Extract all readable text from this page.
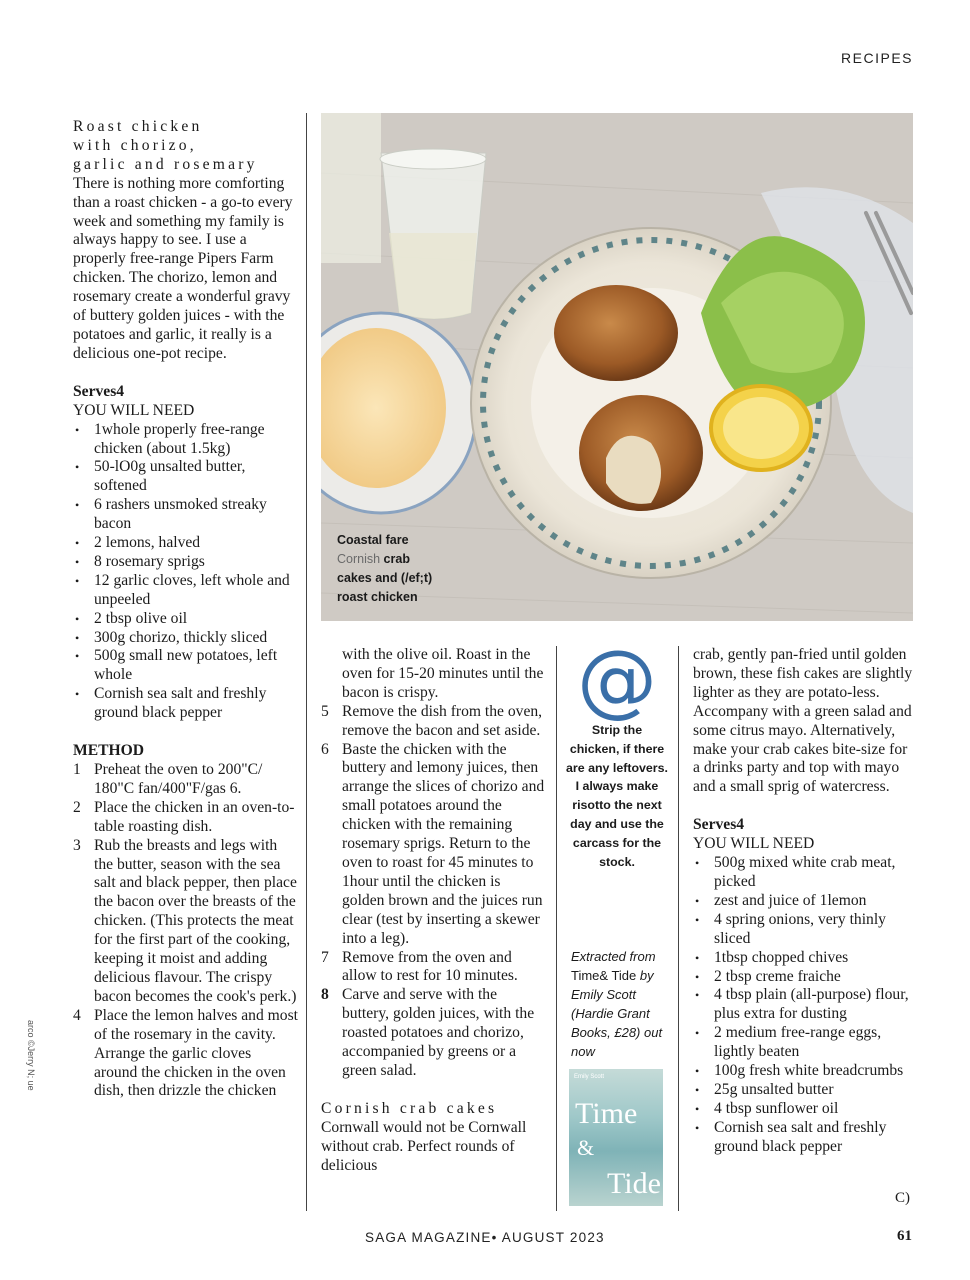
RECIPES

Roast chicken

with chorizo,

garlic and rosemary

There is nothing more comforting than a roast chicken - a go-to every week and something my family is always happy to see. I use a properly free-range Pipers Farm chicken. The chorizo, lemon and rosemary create a wonderful gravy of buttery golden juices - with the potatoes and garlic, it really is a delicious one-pot recipe.

Serves4

YOU WILL NEED

• 1whole properly free-range chicken (about 1.5kg)
• 50-lO0g unsalted butter, softened
• 6 rashers unsmoked streaky bacon
• 2 lemons, halved
• 8 rosemary sprigs
• 12 garlic cloves, left whole and unpeeled
• 2 tbsp olive oil
• 300g chorizo, thickly sliced
• 500g small new potatoes, left whole
• Cornish sea salt and freshly ground black pepper

METHOD

1 Preheat the oven to 200"C/ 180"C fan/400"F/gas 6.
2 Place the chicken in an oven-to-table roasting dish.
3 Rub the breasts and legs with the butter, season with the sea salt and black pepper, then place the bacon over the breasts of the chicken. (This protects the meat for the first part of the cooking, keeping it moist and adding delicious flavour. The crispy bacon becomes the cook's perk.)
4 Place the lemon halves and most of the rosemary in the cavity. Arrange the garlic cloves around the chicken in the oven dish, then drizzle the chicken
Coastal fare
Cornish crab
cakes and (/ef;t)
roast chicken

with the olive oil. Roast in the oven for 15-20 minutes until the bacon is crispy.

5 Remove the dish from the oven, remove the bacon and set aside.
6 Baste the chicken with the buttery and lemony juices, then arrange the slices of chorizo and small potatoes around the chicken with the remaining rosemary sprigs. Return to the oven to roast for 45 minutes to 1hour until the chicken is golden brown and the juices run clear (test by inserting a skewer into a leg).
7 Remove from the oven and allow to rest for 10 minutes.
8 Carve and serve with the buttery, golden juices, with the roasted potatoes and chorizo, accompanied by greens or a green salad.

Cornish crab cakes

Cornwall would not be Cornwall without crab. Perfect rounds of delicious

@
Strip the chicken, if there are any leftovers. I always make risotto the next day and use the carcass for the stock.
Extracted from Time& Tide by Emily Scott (Hardie Grant Books, £28) out now
Emily Scott
Time
&
Tide

crab, gently pan-fried until golden brown, these fish cakes are slightly lighter as they are potato-less. Accompany with a green salad and some citrus mayo. Alternatively, make your crab cakes bite-size for a drinks party and top with mayo and a small sprig of watercress.

Serves4

YOU WILL NEED

• 500g mixed white crab meat, picked
• zest and juice of 1lemon
• 4 spring onions, very thinly sliced
• 1tbsp chopped chives
• 2 tbsp creme fraiche
• 4 tbsp plain (all-purpose) flour, plus extra for dusting
• 2 medium free-range eggs, lightly beaten
• 100g fresh white breadcrumbs
• 25g unsalted butter
• 4 tbsp sunflower oil
• Cornish sea salt and freshly ground black pepper
C)
arco ©Jerry N; ue
SAGA MAGAZINE• AUGUST 2023	61
